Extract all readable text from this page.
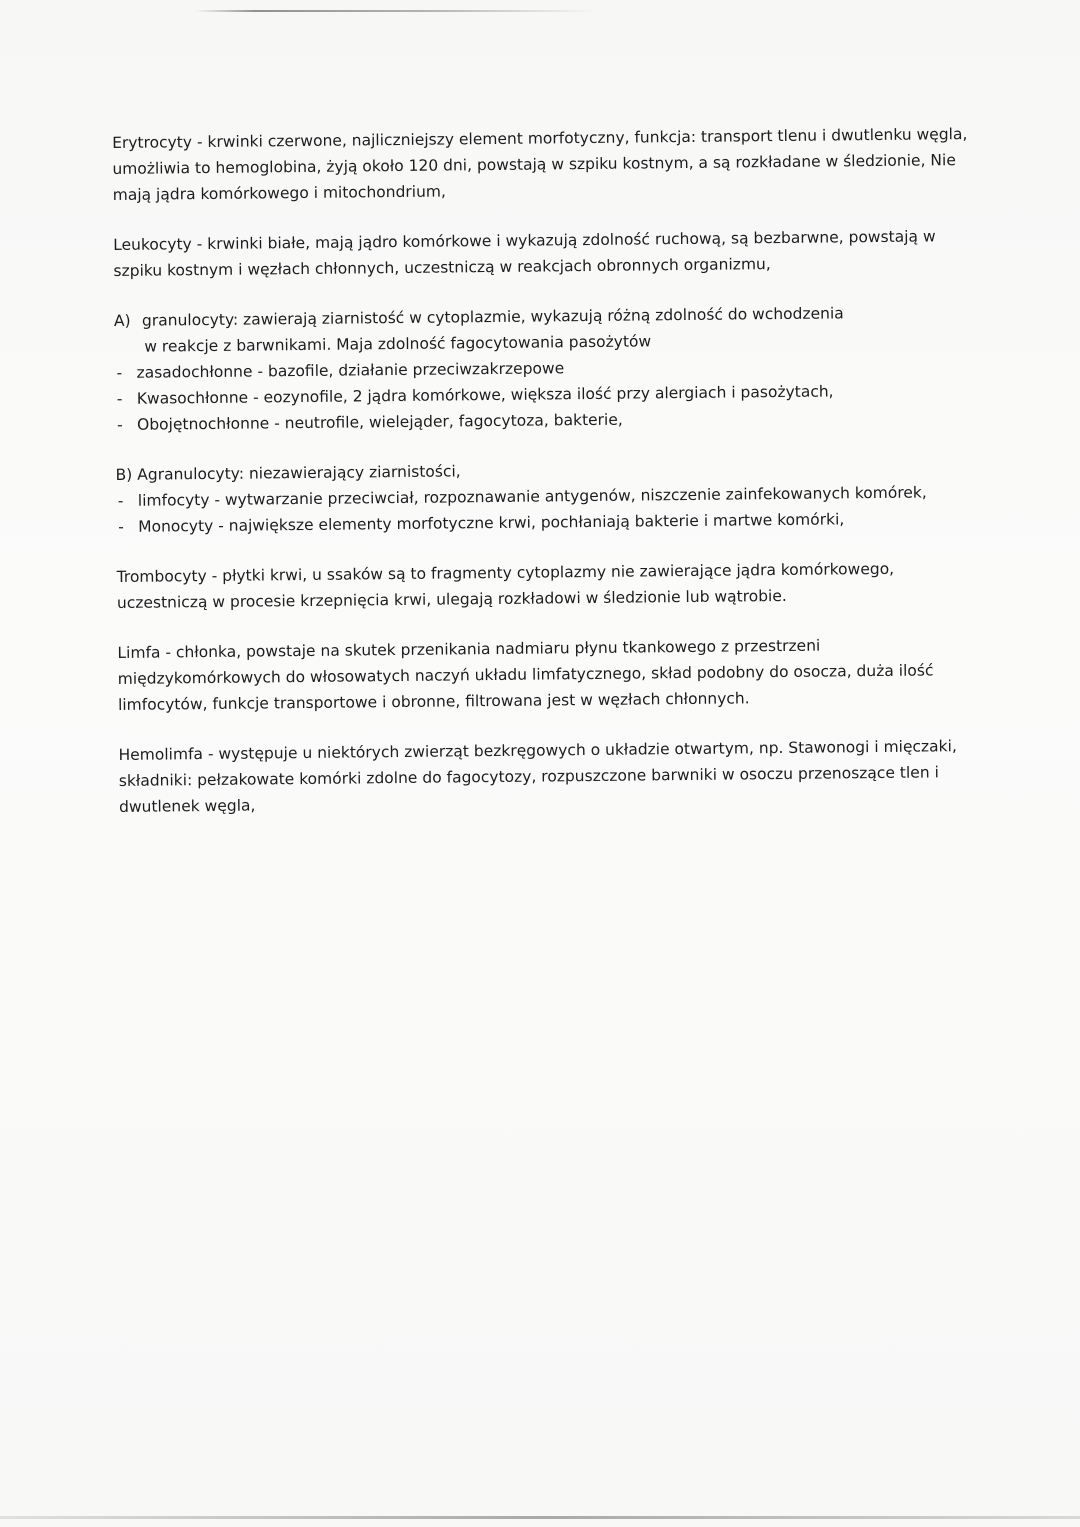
Erytrocyty - krwinki czerwone, najliczniejszy element morfotyczny, funkcja: transport tlenu i dwutlenku węgla, umożliwia to hemoglobina, żyją około 120 dni, powstają w szpiku kostnym, a są rozkładane w śledzionie, Nie mają jądra komórkowego i mitochondrium,

Leukocyty - krwinki białe, mają jądro komórkowe i wykazują zdolność ruchową, są bezbarwne, powstają w szpiku kostnym i węzłach chłonnych, uczestniczą w reakcjach obronnych organizmu,

A) granulocyty: zawierają ziarnistość w cytoplazmie, wykazują różną zdolność do wchodzenia

w reakcje z barwnikami. Maja zdolność fagocytowania pasożytów

- zasadochłonne - bazofile, działanie przeciwzakrzepowe
- Kwasochłonne - eozynofile, 2 jądra komórkowe, większa ilość przy alergiach i pasożytach,
- Obojętnochłonne - neutrofile, wielejąder, fagocytoza, bakterie,

B) Agranulocyty: niezawierający ziarnistości,

- limfocyty - wytwarzanie przeciwciał, rozpoznawanie antygenów, niszczenie zainfekowanych komórek,
- Monocyty - największe elementy morfotyczne krwi, pochłaniają bakterie i martwe komórki,

Trombocyty - płytki krwi, u ssaków są to fragmenty cytoplazmy nie zawierające jądra komórkowego, uczestniczą w procesie krzepnięcia krwi, ulegają rozkładowi w śledzionie lub wątrobie.

Limfa - chłonka, powstaje na skutek przenikania nadmiaru płynu tkankowego z przestrzeni międzykomórkowych do włosowatych naczyń układu limfatycznego, skład podobny do osocza, duża ilość limfocytów, funkcje transportowe i obronne, filtrowana jest w węzłach chłonnych.

Hemolimfa - występuje u niektórych zwierząt bezkręgowych o układzie otwartym, np. Stawonogi i mięczaki, składniki: pełzakowate komórki zdolne do fagocytozy, rozpuszczone barwniki w osoczu przenoszące tlen i dwutlenek węgla,
